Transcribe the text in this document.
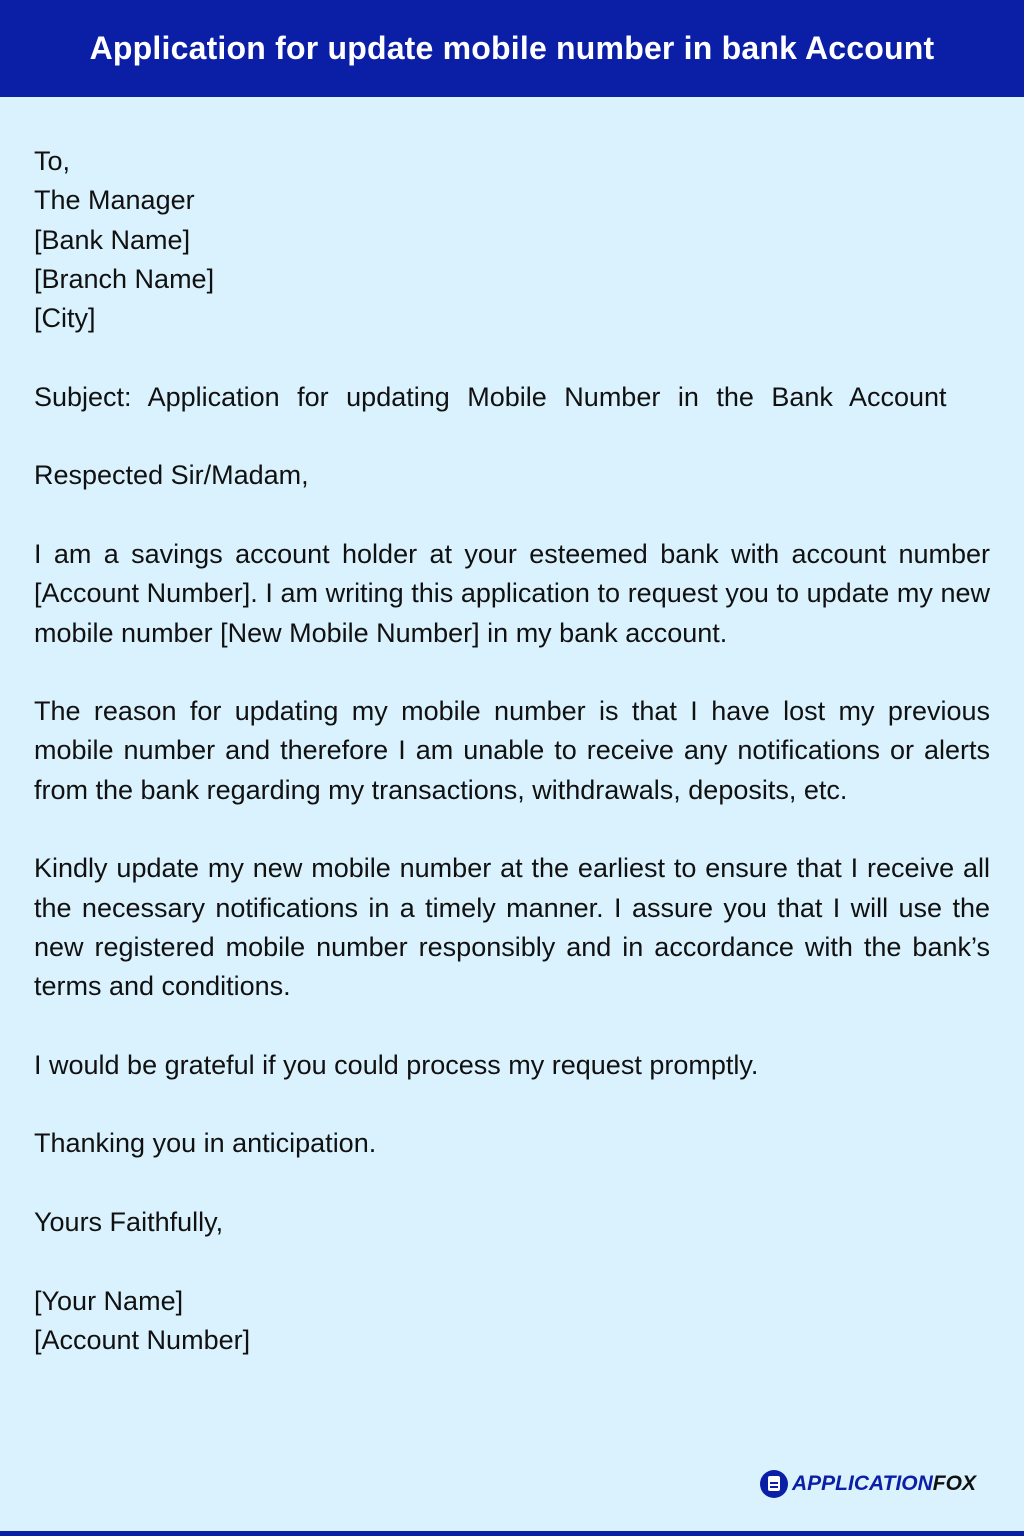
Application for update mobile number in bank Account
To,
The Manager
[Bank Name]
[Branch Name]
[City]

Subject: Application for updating Mobile Number in the Bank Account

Respected Sir/Madam,

I am a savings account holder at your esteemed bank with account number [Account Number]. I am writing this application to request you to update my new mobile number [New Mobile Number] in my bank account.

The reason for updating my mobile number is that I have lost my previous mobile number and therefore I am unable to receive any notifications or alerts from the bank regarding my transactions, withdrawals, deposits, etc.

Kindly update my new mobile number at the earliest to ensure that I receive all the necessary notifications in a timely manner. I assure you that I will use the new registered mobile number responsibly and in accordance with the bank’s terms and conditions.

I would be grateful if you could process my request promptly.

Thanking you in anticipation.

Yours Faithfully,

[Your Name]
[Account Number]
APPLICATION FOX
